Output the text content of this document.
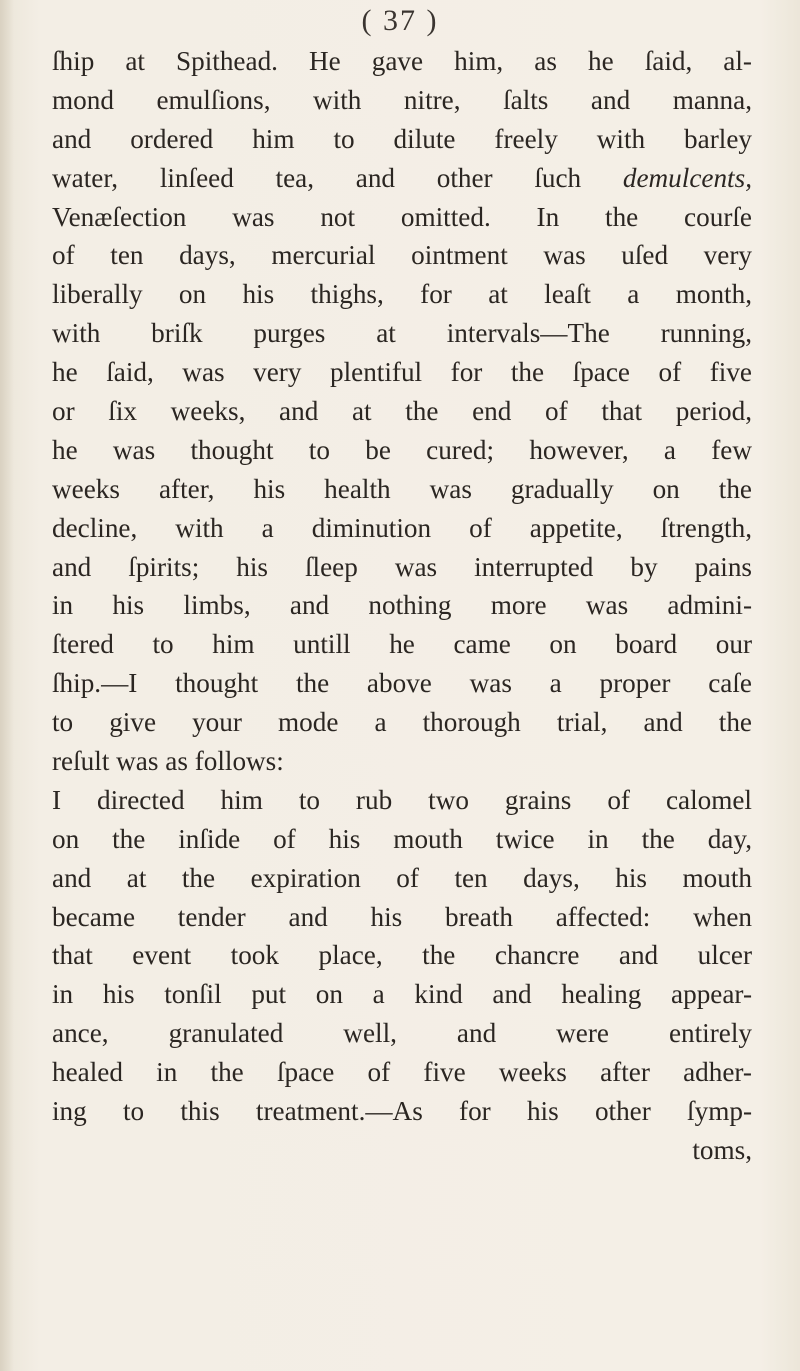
( 37 )
ſhip at Spithead. He gave him, as he ſaid, al-
mond emulſions, with nitre, ſalts and manna,
and ordered him to dilute freely with barley
water, linſeed tea, and other ſuch demulcents,
Venæſection was not omitted. In the courſe
of ten days, mercurial ointment was uſed very
liberally on his thighs, for at leaſt a month,
with briſk purges at intervals—The running,
he ſaid, was very plentiful for the ſpace of five
or ſix weeks, and at the end of that period,
he was thought to be cured; however, a few
weeks after, his health was gradually on the
decline, with a diminution of appetite, ſtrength,
and ſpirits; his ſleep was interrupted by pains
in his limbs, and nothing more was admini-
ſtered to him untill he came on board our
ſhip.—I thought the above was a proper caſe
to give your mode a thorough trial, and the
reſult was as follows:
I directed him to rub two grains of calomel
on the inſide of his mouth twice in the day,
and at the expiration of ten days, his mouth
became tender and his breath affected: when
that event took place, the chancre and ulcer
in his tonſil put on a kind and healing appear-
ance, granulated well, and were entirely
healed in the ſpace of five weeks after adher-
ing to this treatment.—As for his other ſymp-
toms,
